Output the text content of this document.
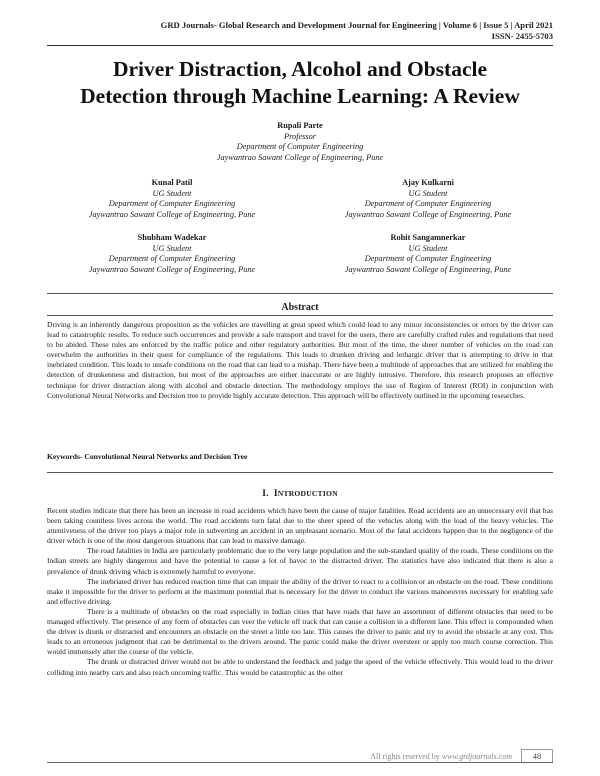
GRD Journals- Global Research and Development Journal for Engineering | Volume 6 | Issue 5 | April 2021
ISSN- 2455-5703
Driver Distraction, Alcohol and Obstacle
Detection through Machine Learning: A Review
Rupali Parte
Professor
Department of Computer Engineering
Jaywantrao Sawant College of Engineering, Pune
Kunal Patil
UG Student
Department of Computer Engineering
Jaywantrao Sawant College of Engineering, Pune
Ajay Kulkarni
UG Student
Department of Computer Engineering
Jaywantrao Sawant College of Engineering, Pune
Shubham Wadekar
UG Student
Department of Computer Engineering
Jaywantrao Sawant College of Engineering, Pune
Rohit Sangamnerkar
UG Student
Department of Computer Engineering
Jaywantrao Sawant College of Engineering, Pune
Abstract

Driving is an inherently dangerous proposition as the vehicles are travelling at great speed which could lead to any minor inconsistencies or errors by the driver can lead to catastrophic results. To reduce such occurrences and provide a safe transport and travel for the users, there are carefully crafted rules and regulations that need to be abided. These rules are enforced by the traffic police and other regulatory authorities. But most of the time, the sheer number of vehicles on the road can overwhelm the authorities in their quest for compliance of the regulations. This leads to drunken driving and lethargic driver that is attempting to drive in that inebriated condition. This leads to unsafe conditions on the road that can lead to a mishap. There have been a multitude of approaches that are utilized for enabling the detection of drunkenness and distraction, but most of the approaches are either inaccurate or are highly intrusive. Therefore, this research proposes an effective technique for driver distraction along with alcohol and obstacle detection. The methodology employs the use of Region of Interest (ROI) in conjunction with Convolutional Neural Networks and Decision tree to provide highly accurate detection. This approach will be effectively outlined in the upcoming researches.

Keywords- Convolutional Neural Networks and Decision Tree

I. INTRODUCTION

Recent studies indicate that there has been an increase in road accidents which have been the cause of major fatalities. Road accidents are an unnecessary evil that has been taking countless lives across the world. The road accidents turn fatal due to the sheer speed of the vehicles along with the load of the heavy vehicles. The attentiveness of the driver too plays a major role in subverting an accident in an unpleasant scenario. Most of the fatal accidents happen due to the negligence of the driver which is one of the most dangerous situations that can lead to massive damage.

The road fatalities in India are particularly problematic due to the very large population and the sub-standard quality of the roads. These conditions on the Indian streets are highly dangerous and have the potential to cause a lot of havoc to the distracted driver. The statistics have also indicated that there is also a prevalence of drunk driving which is extremely harmful to everyone.

The inebriated driver has reduced reaction time that can impair the ability of the driver to react to a collision or an obstacle on the road. These conditions make it impossible for the driver to perform at the maximum potential that is necessary for the driver to conduct the various manoeuvres necessary for enabling safe and effective driving.

There is a multitude of obstacles on the road especially in Indian cities that have roads that have an assortment of different obstacles that need to be managed effectively. The presence of any form of obstacles can veer the vehicle off track that can cause a collision in a different lane. This effect is compounded when the driver is drunk or distracted and encounters an obstacle on the street a little too late. This causes the driver to panic and try to avoid the obstacle at any cost. This leads to an erroneous judgment that can be detrimental to the drivers around. The panic could make the driver oversteer or apply too much course correction. This would immensely alter the course of the vehicle.

The drunk or distracted driver would not be able to understand the feedback and judge the speed of the vehicle effectively. This would lead to the driver colliding into nearby cars and also reach oncoming traffic. This would be catastrophic as the other

All rights reserved by www.grdjournals.com	48
